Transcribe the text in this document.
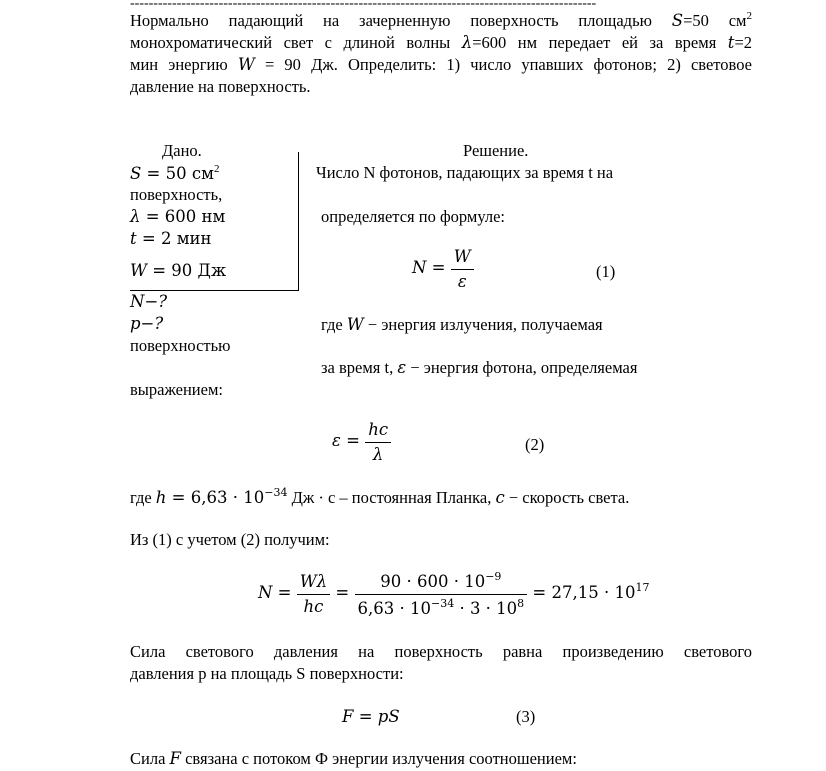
----------------------------------------------------------------------------------------------------
Нормально падающий на зачерненную поверхность площадью S=50 $см^2$
монохроматический свет с длиной волны λ=600 нм передает ей за время t=2
мин энергию W = 90 Дж. Определить: 1) число упавших фотонов; 2) световое
давление на поверхность.
Дано.
S = 50 $см^2$
поверхность,
λ = 600 нм
t = 2 мин
W = 90 Дж
N−?
p−?
поверхностью
Решение.
Число N фотонов, падающих за время t на
определяется по формуле:
$N = \frac{W}{\varepsilon}$	(1)
где W − энергия излучения, получаемая
за время t, ε − энергия фотона, определяемая
выражением:
$\varepsilon = \frac{hc}{\lambda}$	(2)
где $h = 6,63 \cdot 10^{-34}$ Дж · с – постоянная Планка, c − скорость света.
Из (1) с учетом (2) получим:
$N = \frac{W\lambda}{hc} = \frac{90 \cdot 600 \cdot 10^{-9}}{6,63 \cdot 10^{-34} \cdot 3 \cdot 10^8} = 27,15 \cdot 10^{17}$
Сила светового давления на поверхность равна произведению светового
давления p на площадь S поверхности:
F = pS	(3)
Сила F связана с потоком Ф энергии излучения соотношением:
